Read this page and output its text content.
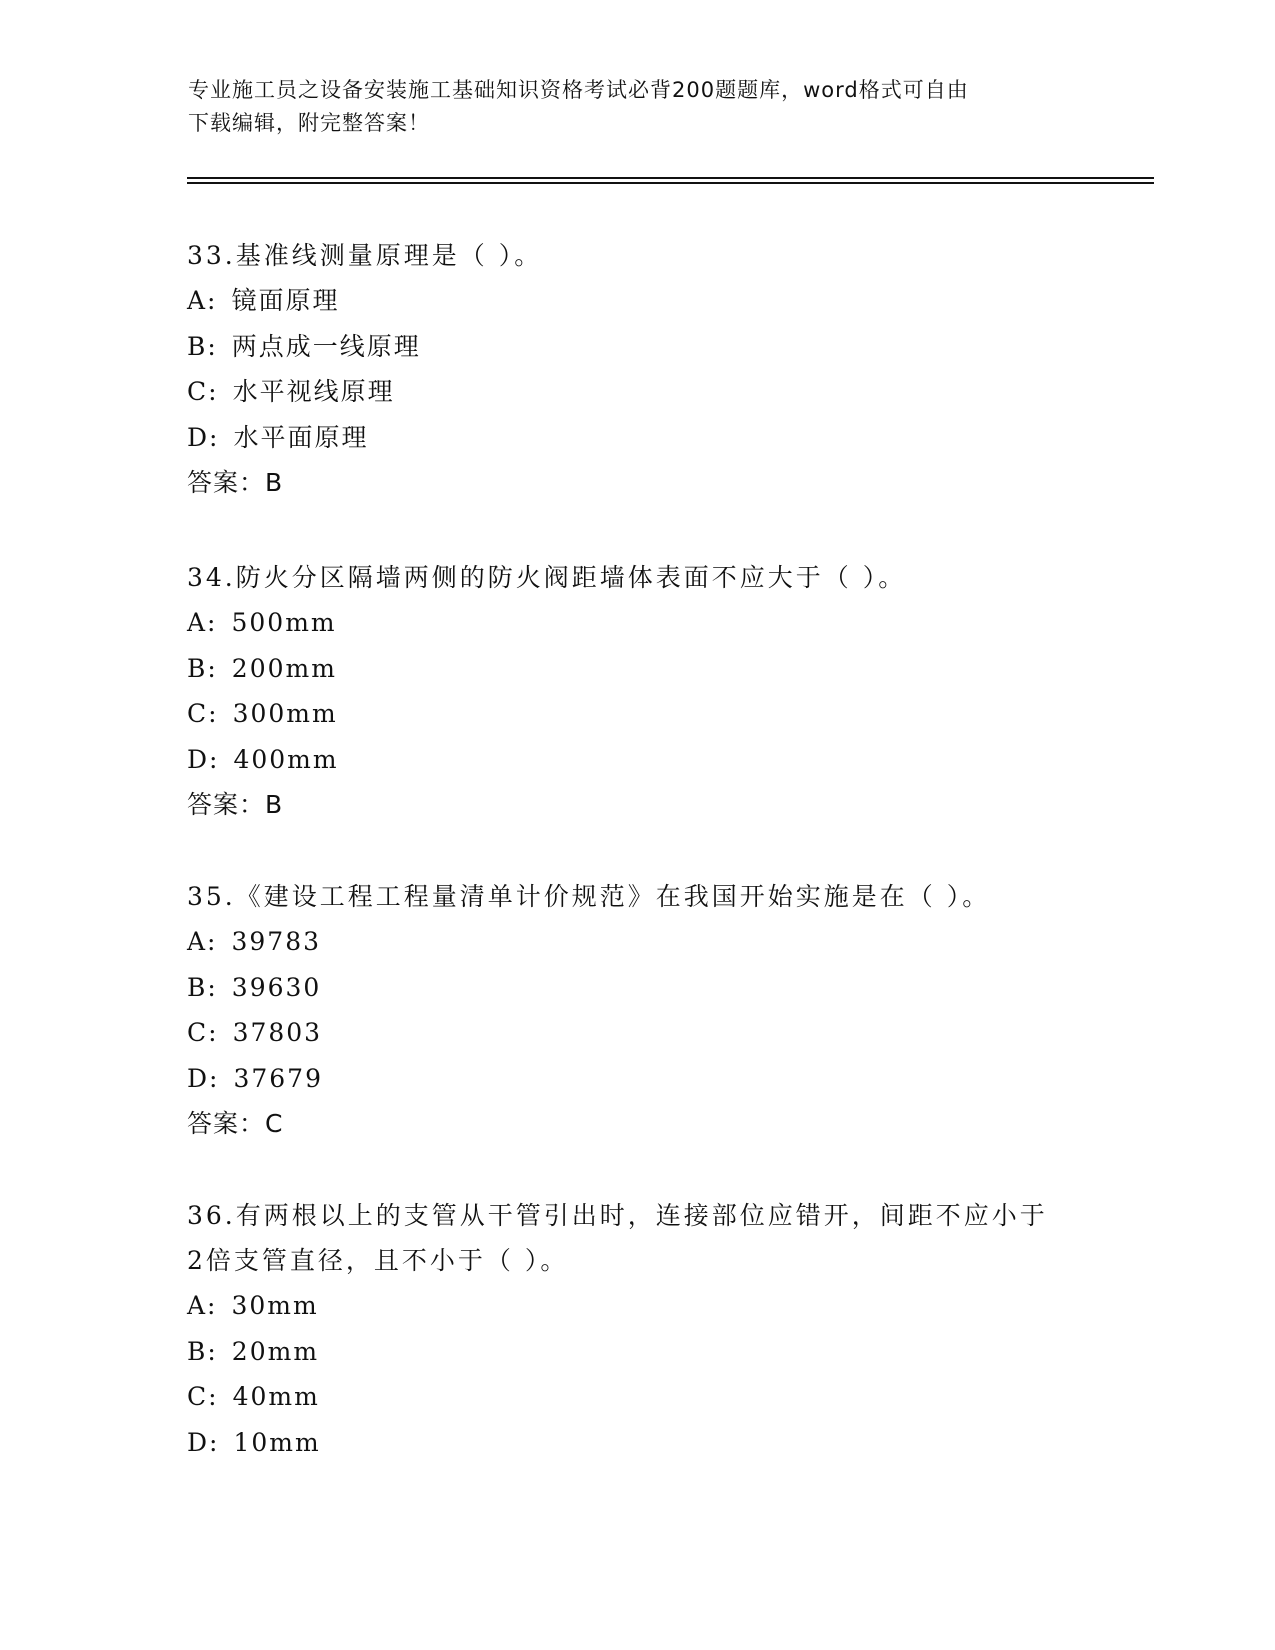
专业施工员之设备安装施工基础知识资格考试必背200题题库，word格式可自由
下载编辑，附完整答案！

33.基准线测量原理是（ ）。

A: 镜面原理

B: 两点成一线原理

C: 水平视线原理

D: 水平面原理

答案：B

34.防火分区隔墙两侧的防火阀距墙体表面不应大于（ ）。

A: 500mm

B: 200mm

C: 300mm

D: 400mm

答案：B

35.《建设工程工程量清单计价规范》在我国开始实施是在（ ）。

A: 39783

B: 39630

C: 37803

D: 37679

答案：C

36.有两根以上的支管从干管引出时，连接部位应错开，间距不应小于

2倍支管直径，且不小于（ ）。

A: 30mm

B: 20mm

C: 40mm

D: 10mm
